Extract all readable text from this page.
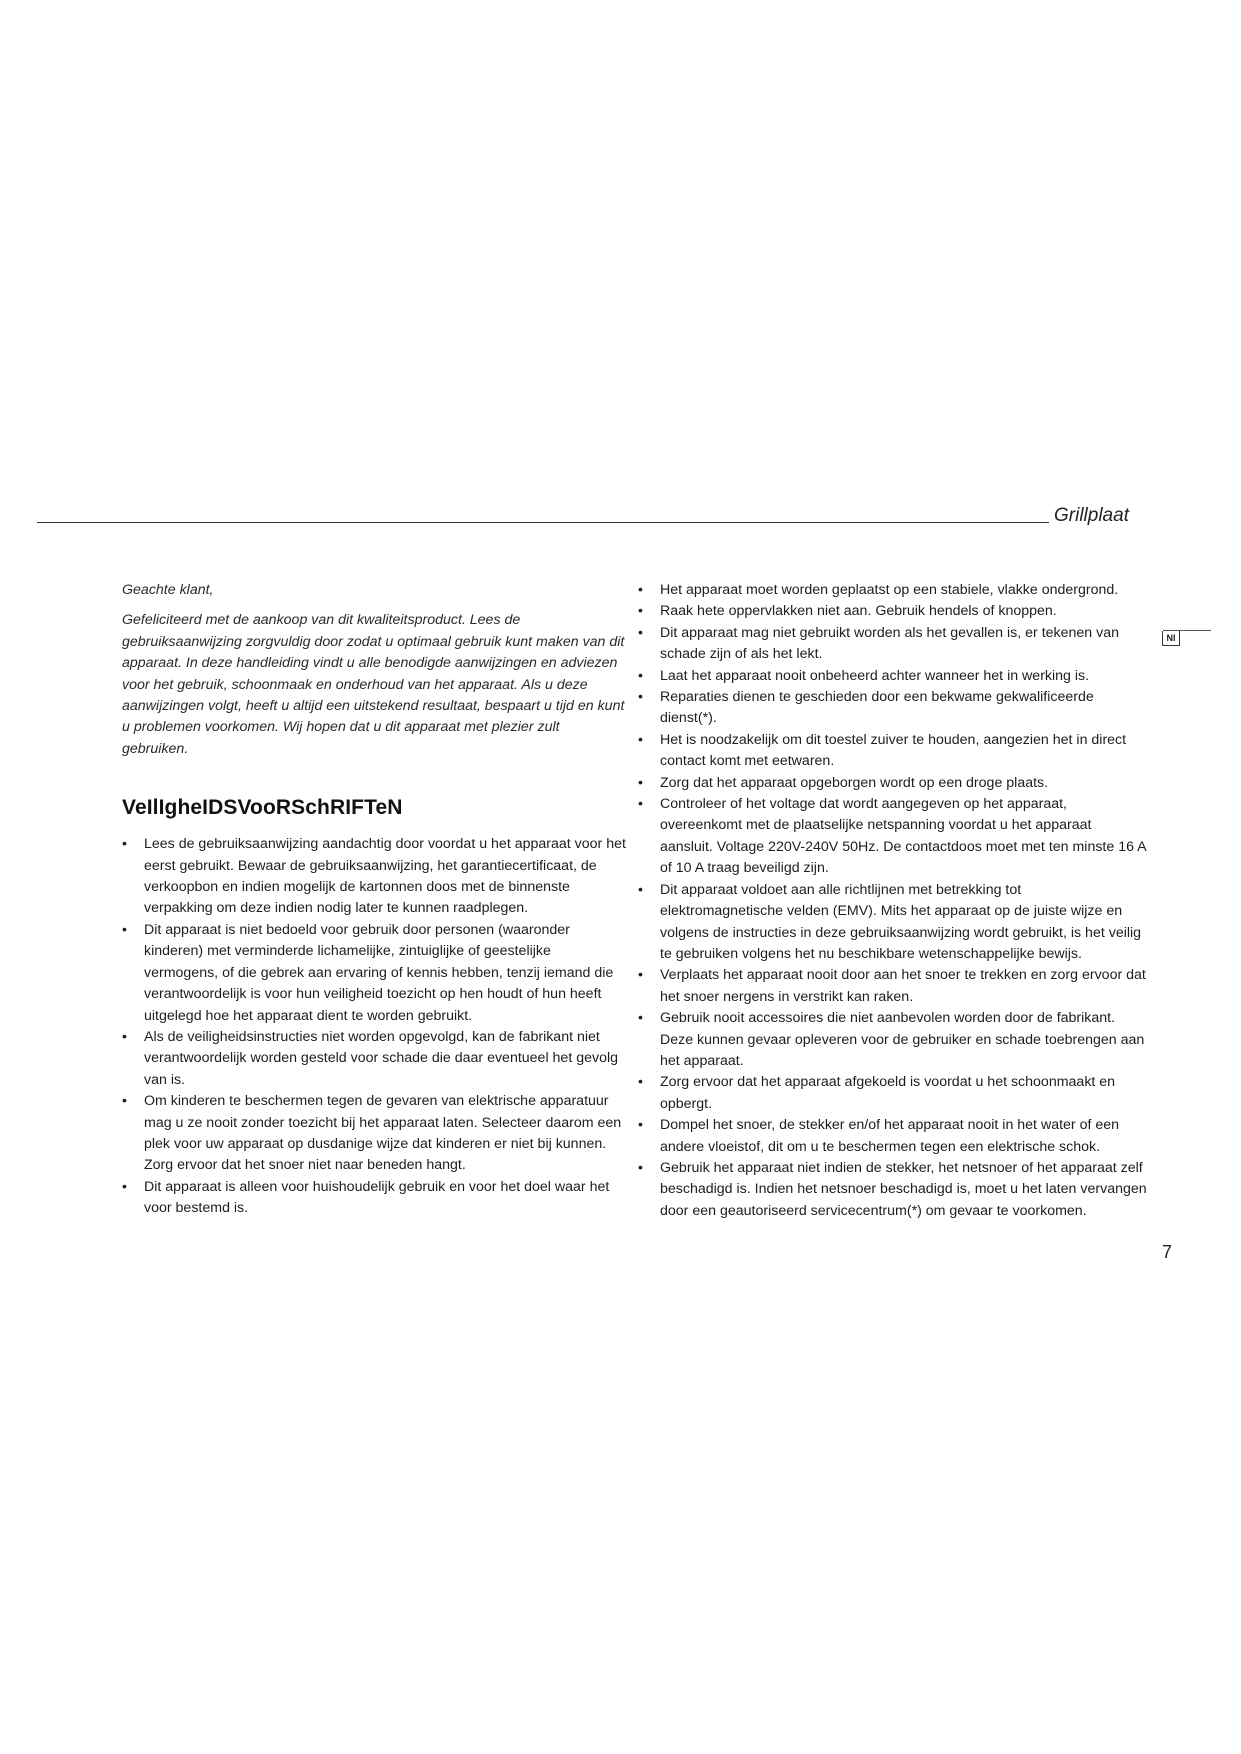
Grillplaat
Nl

Geachte klant,

Gefeliciteerd met de aankoop van dit kwaliteitsproduct. Lees de gebruiksaanwijzing zorgvuldig door zodat u optimaal gebruik kunt maken van dit apparaat. In deze handleiding vindt u alle benodigde aanwijzingen en adviezen voor het gebruik, schoonmaak en onderhoud van het apparaat. Als u deze aanwijzingen volgt, heeft u altijd een uitstekend resultaat, bespaart u tijd en kunt u problemen voorkomen. Wij hopen dat u dit apparaat met plezier zult gebruiken.

VeIlIgheIDSVooRSchRIFTeN
• Lees de gebruiksaanwijzing aandachtig door voordat u het apparaat voor het eerst gebruikt. Bewaar de gebruiksaanwijzing, het garantiecertificaat, de verkoopbon en indien mogelijk de kartonnen doos met de binnenste verpakking om deze indien nodig later te kunnen raadplegen.
• Dit apparaat is niet bedoeld voor gebruik door personen (waaronder kinderen) met verminderde lichamelijke, zintuiglijke of geestelijke vermogens, of die gebrek aan ervaring of kennis hebben, tenzij iemand die verantwoordelijk is voor hun veiligheid toezicht op hen houdt of hun heeft uitgelegd hoe het apparaat dient te worden gebruikt.
• Als de veiligheidsinstructies niet worden opgevolgd, kan de fabrikant niet verantwoordelijk worden gesteld voor schade die daar eventueel het gevolg van is.
• Om kinderen te beschermen tegen de gevaren van elektrische apparatuur mag u ze nooit zonder toezicht bij het apparaat laten. Selecteer daarom een plek voor uw apparaat op dusdanige wijze dat kinderen er niet bij kunnen. Zorg ervoor dat het snoer niet naar beneden hangt.
• Dit apparaat is alleen voor huishoudelijk gebruik en voor het doel waar het voor bestemd is.
• Het apparaat moet worden geplaatst op een stabiele, vlakke ondergrond.
• Raak hete oppervlakken niet aan. Gebruik hendels of knoppen.
• Dit apparaat mag niet gebruikt worden als het gevallen is, er tekenen van schade zijn of als het lekt.
• Laat het apparaat nooit onbeheerd achter wanneer het in werking is.
• Reparaties dienen te geschieden door een bekwame gekwalificeerde dienst(*).
• Het is noodzakelijk om dit toestel zuiver te houden, aangezien het in direct contact komt met eetwaren.
• Zorg dat het apparaat opgeborgen wordt op een droge plaats.
• Controleer of het voltage dat wordt aangegeven op het apparaat, overeenkomt met de plaatselijke netspanning voordat u het apparaat aansluit. Voltage 220V-240V 50Hz. De contactdoos moet met ten minste 16 A of 10 A traag beveiligd zijn.
• Dit apparaat voldoet aan alle richtlijnen met betrekking tot elektromagnetische velden (EMV). Mits het apparaat op de juiste wijze en volgens de instructies in deze gebruiksaanwijzing wordt gebruikt, is het veilig te gebruiken volgens het nu beschikbare wetenschappelijke bewijs.
• Verplaats het apparaat nooit door aan het snoer te trekken en zorg ervoor dat het snoer nergens in verstrikt kan raken.
• Gebruik nooit accessoires die niet aanbevolen worden door de fabrikant. Deze kunnen gevaar opleveren voor de gebruiker en schade toebrengen aan het apparaat.
• Zorg ervoor dat het apparaat afgekoeld is voordat u het schoonmaakt en opbergt.
• Dompel het snoer, de stekker en/of het apparaat nooit in het water of een andere vloeistof, dit om u te beschermen tegen een elektrische schok.
• Gebruik het apparaat niet indien de stekker, het netsnoer of het apparaat zelf beschadigd is. Indien het netsnoer beschadigd is, moet u het laten vervangen door een geautoriseerd servicecentrum(*) om gevaar te voorkomen.
7
